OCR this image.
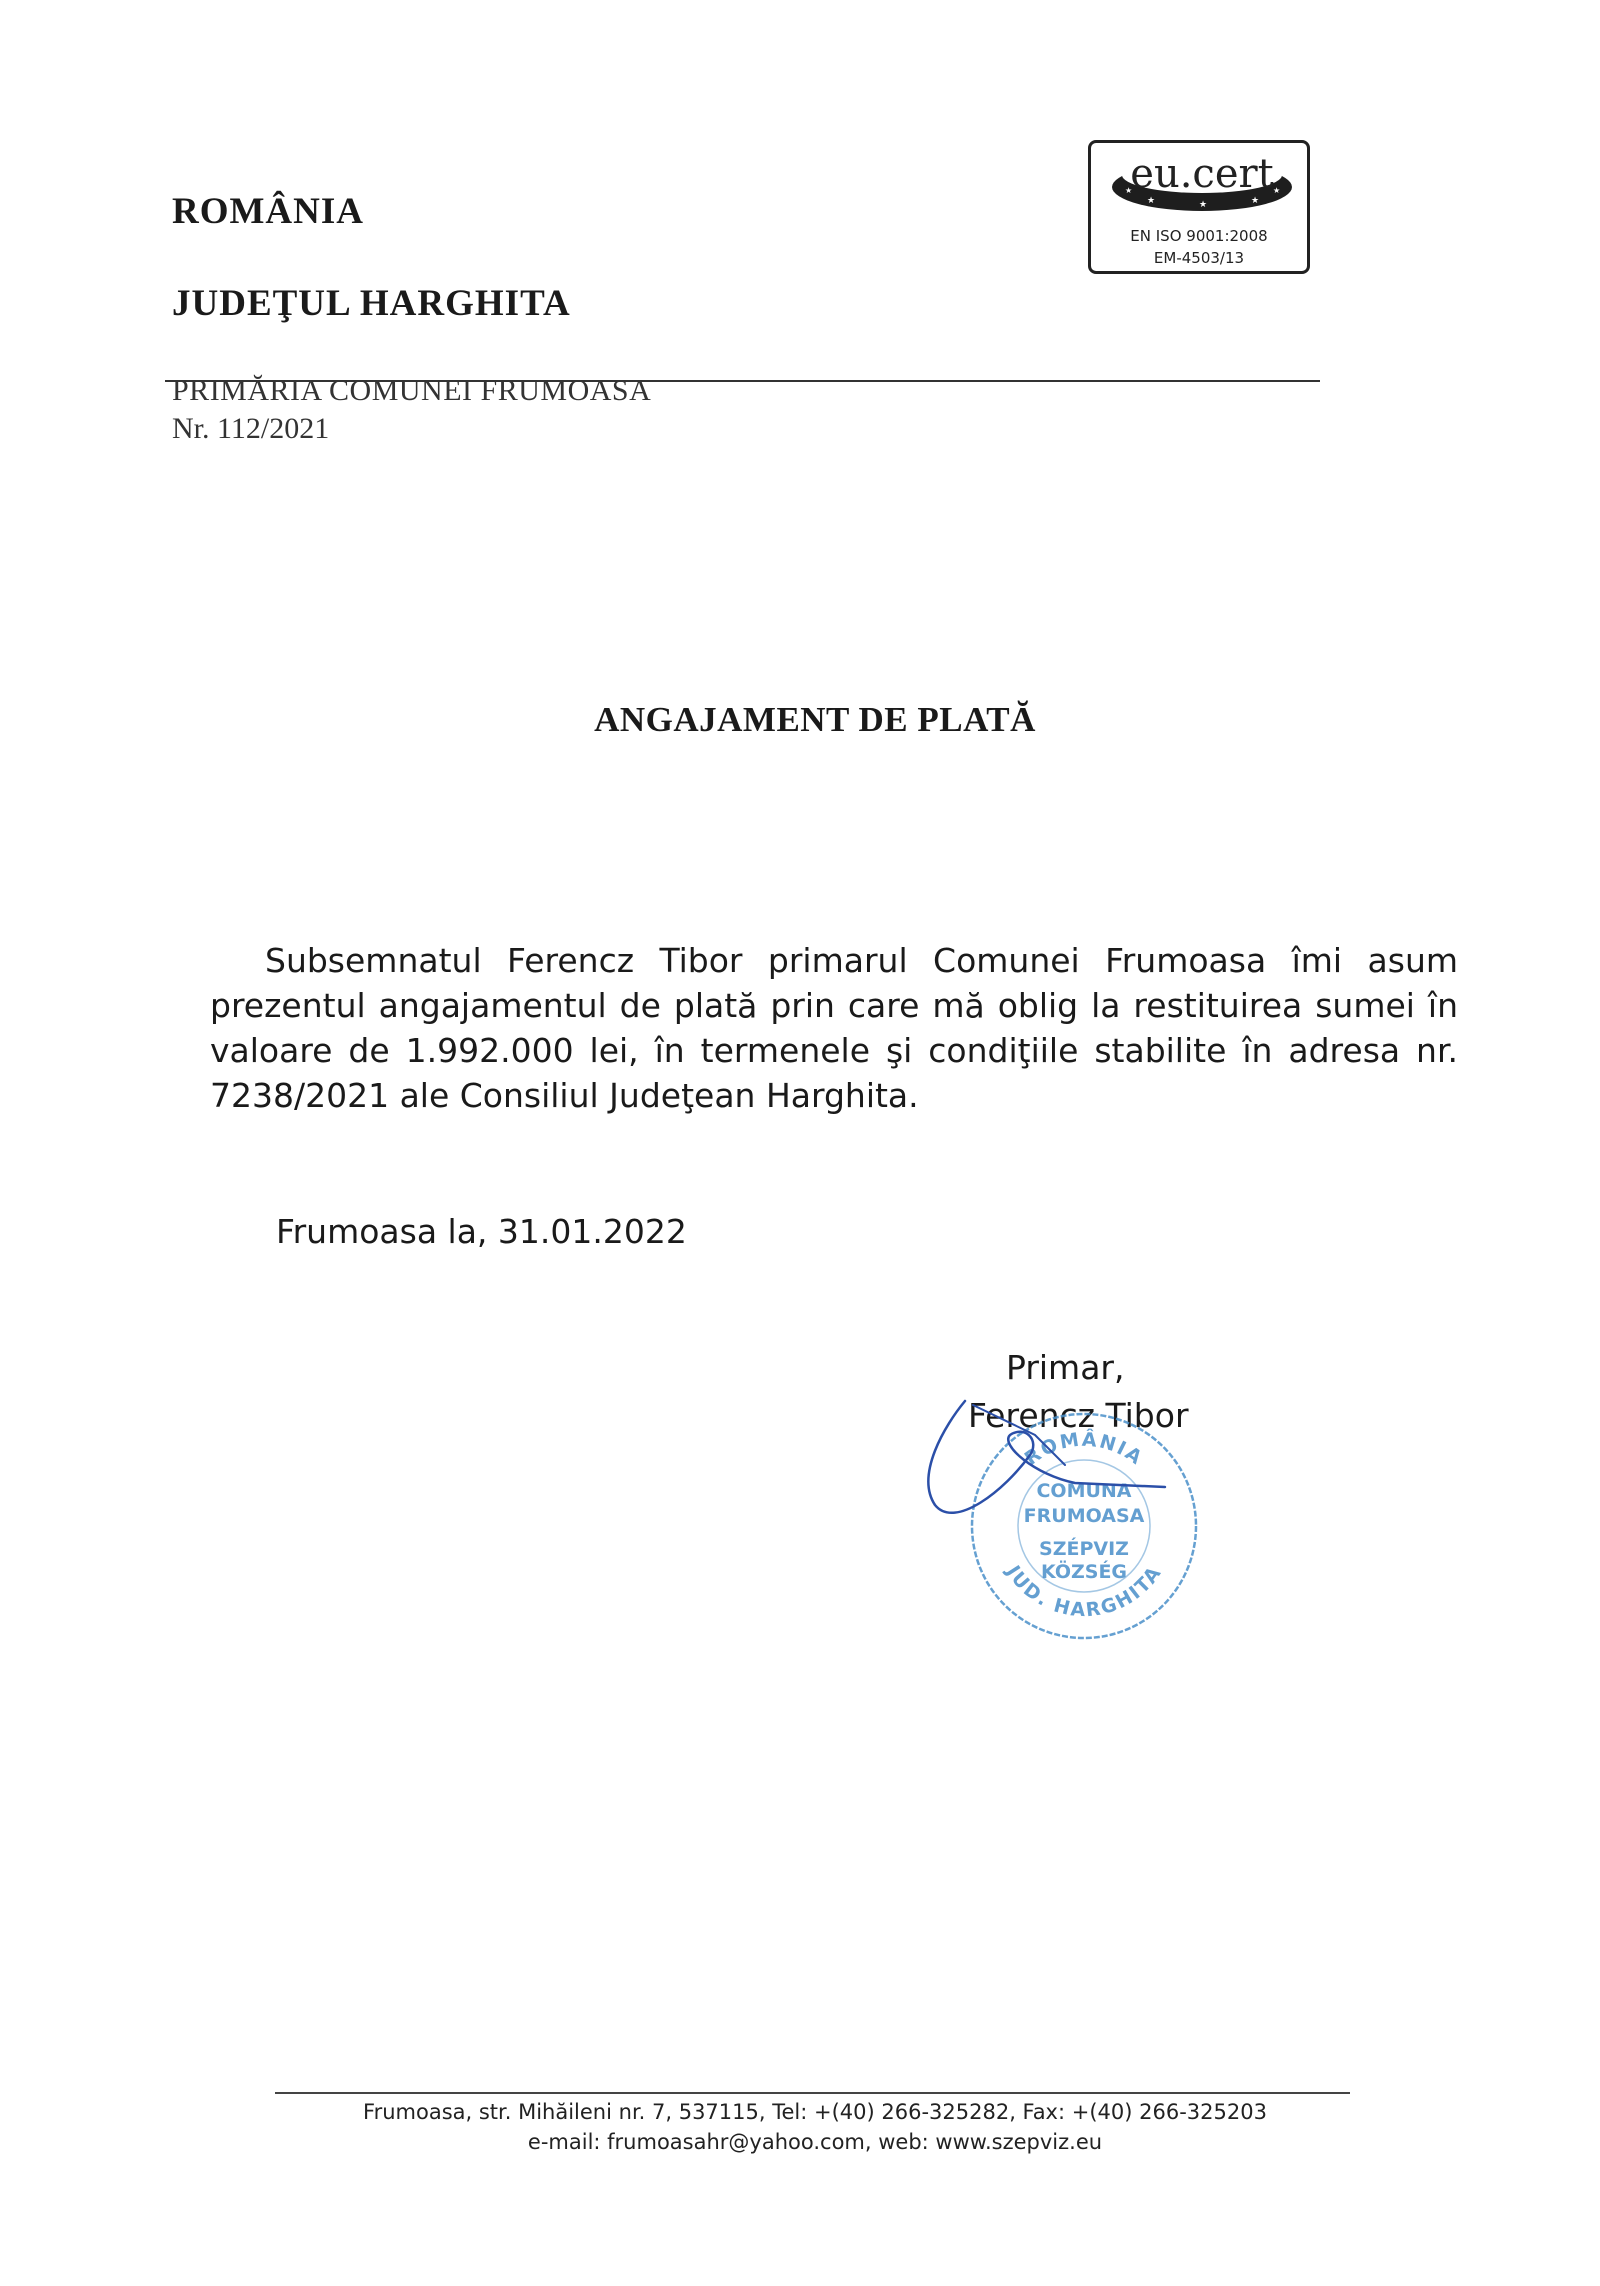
ROMÂNIA
eu.cert
★	★	★
★	★
EN ISO 9001:2008
EM-4503/13
JUDEŢUL HARGHITA
PRIMĂRIA COMUNEI FRUMOASA
Nr. 112/2021
ANGAJAMENT DE PLATĂ

Subsemnatul Ferencz Tibor primarul Comunei Frumoasa îmi asum prezentul angajamentul de plată prin care mă oblig la restituirea sumei în valoare de 1.992.000 lei, în termenele şi condiţiile stabilite în adresa nr. 7238/2021 ale Consiliul Judeţean Harghita.

Frumoasa la, 31.01.2022
Primar,
Ferencz Tibor
ROMÂNIA
JUD. HARGHITA
COMUNA
FRUMOASA
SZÉPVIZ
KÖZSÉG
Frumoasa, str. Mihăileni nr. 7, 537115, Tel: +(40) 266-325282, Fax: +(40) 266-325203
e-mail: frumoasahr@yahoo.com, web: www.szepviz.eu
